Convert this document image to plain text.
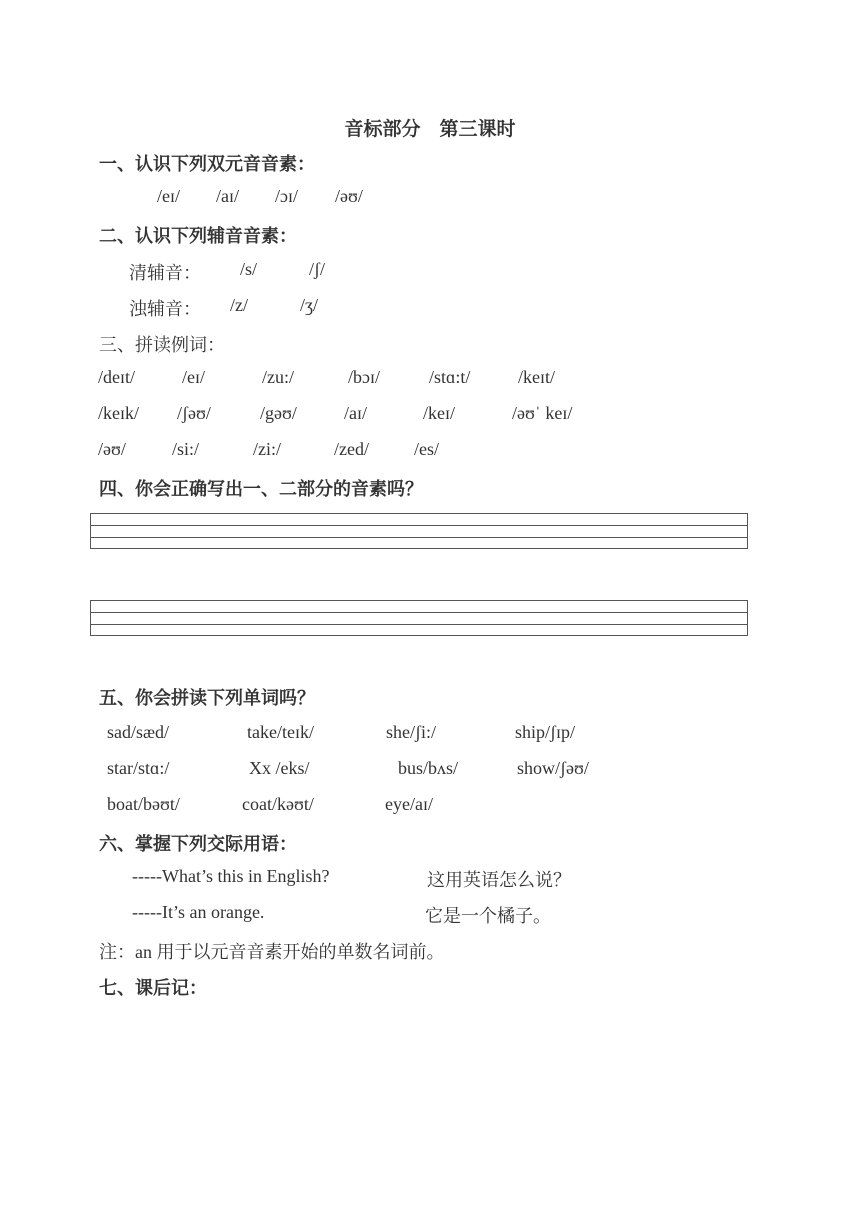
音标部分　第三课时
一、认识下列双元音音素：
/eɪ/ /aɪ/ /ɔɪ/ /əʊ/
二、认识下列辅音音素：
清辅音： /s/	/ʃ/
浊辅音： /z/	/ʒ/
三、拼读例词：
/deɪt/	/eɪ/	/zu:/	/bɔɪ/	/stɑ:t/	/keɪt/
/keɪk/ /ʃəʊ/	/gəʊ/	/aɪ/	/keɪ/	/əʊˈ keɪ/
/əʊ/	/si:/	/zi:/	/zed/	/es/
四、你会正确写出一、二部分的音素吗？
五、你会拼读下列单词吗？
sad/sæd/	take/teɪk/	she/ʃi:/	ship/ʃɪp/
star/stɑ:/	Xx /eks/	bus/bʌs/	show/ʃəʊ/
boat/bəʊt/	coat/kəʊt/	eye/aɪ/
六、掌握下列交际用语：
-----What’s this in English?	这用英语怎么说？
-----It’s an orange.	它是一个橘子。
注：an 用于以元音音素开始的单数名词前。
七、课后记：
